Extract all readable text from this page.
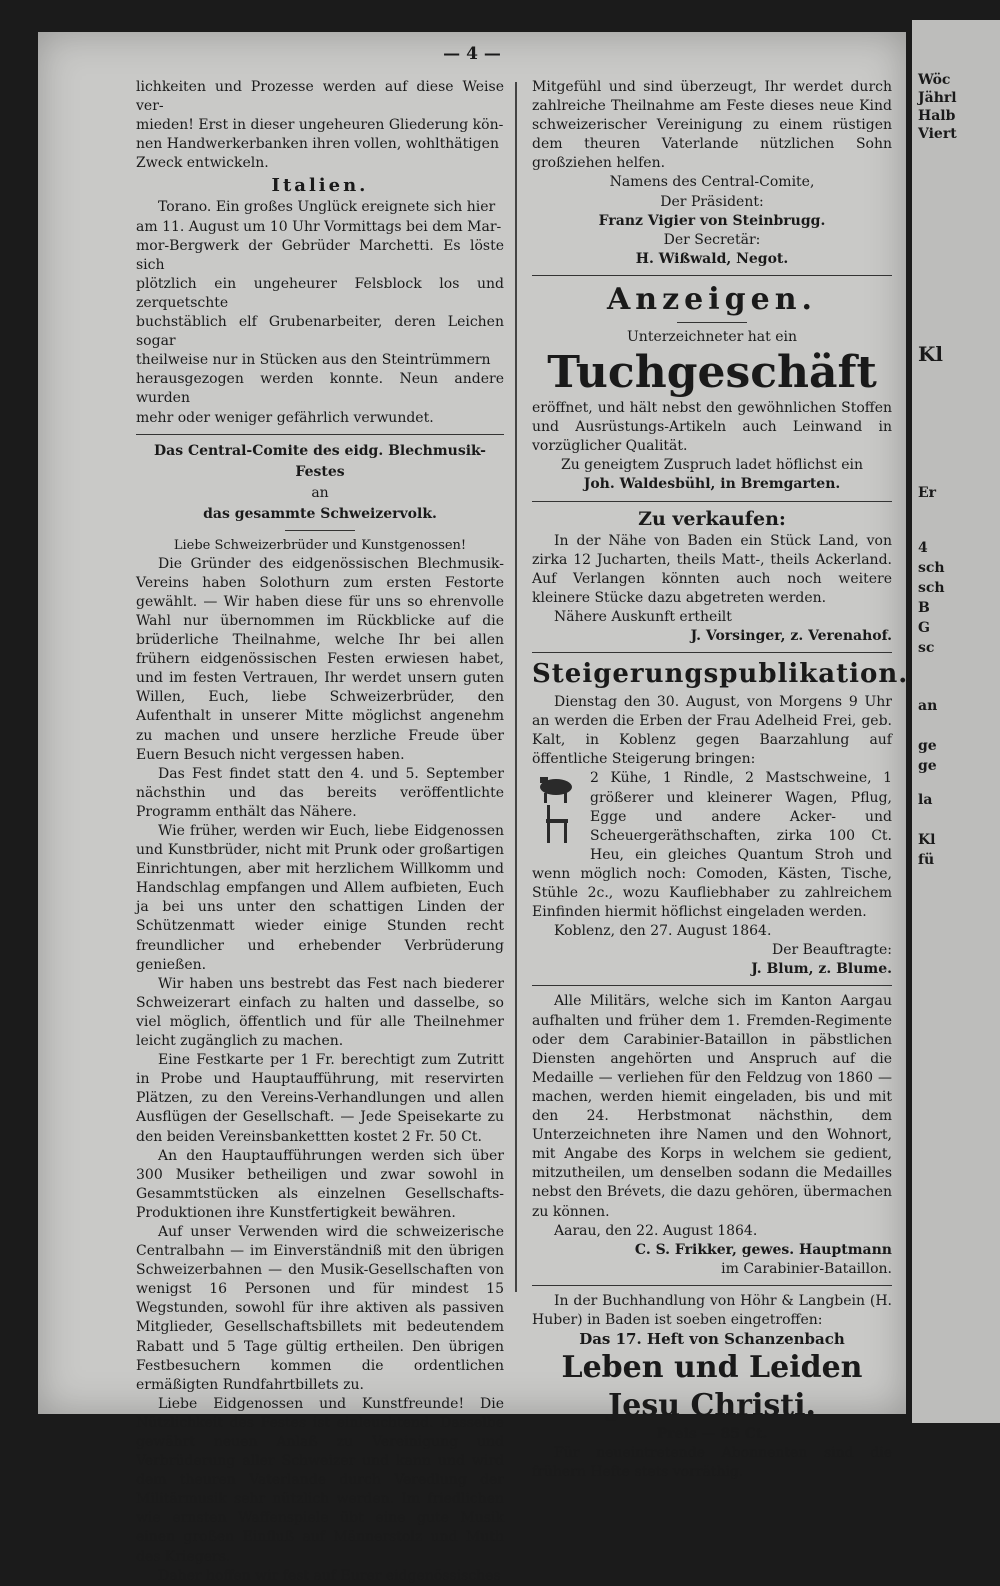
— 4 —

lichkeiten und Prozesse werden auf diese Weise ver-

mieden! Erst in dieser ungeheuren Gliederung kön-

nen Handwerkerbanken ihren vollen, wohlthätigen

Zweck entwickeln.

Italien.

Torano. Ein großes Unglück ereignete sich hier

am 11. August um 10 Uhr Vormittags bei dem Mar-

mor-Bergwerk der Gebrüder Marchetti. Es löste sich

plötzlich ein ungeheurer Felsblock los und zerquetschte

buchstäblich elf Grubenarbeiter, deren Leichen sogar

theilweise nur in Stücken aus den Steintrümmern

herausgezogen werden konnte. Neun andere wurden

mehr oder weniger gefährlich verwundet.

Das Central-Comite des eidg. Blechmusik-Festes
an
das gesammte Schweizervolk.

Liebe Schweizerbrüder und Kunstgenossen!

Die Gründer des eidgenössischen Blechmusik-Vereins haben Solothurn zum ersten Festorte gewählt. — Wir haben diese für uns so ehrenvolle Wahl nur übernommen im Rückblicke auf die brüderliche Theilnahme, welche Ihr bei allen frühern eidgenössischen Festen erwiesen habet, und im festen Vertrauen, Ihr werdet unsern guten Willen, Euch, liebe Schweizerbrüder, den Aufenthalt in unserer Mitte möglichst angenehm zu machen und unsere herzliche Freude über Euern Besuch nicht vergessen haben.

Das Fest findet statt den 4. und 5. September nächsthin und das bereits veröffentlichte Programm enthält das Nähere.

Wie früher, werden wir Euch, liebe Eidgenossen und Kunstbrüder, nicht mit Prunk oder großartigen Einrichtungen, aber mit herzlichem Willkomm und Handschlag empfangen und Allem aufbieten, Euch ja bei uns unter den schattigen Linden der Schützenmatt wieder einige Stunden recht freundlicher und erhebender Verbrüderung genießen.

Wir haben uns bestrebt das Fest nach biederer Schweizerart einfach zu halten und dasselbe, so viel möglich, öffentlich und für alle Theilnehmer leicht zugänglich zu machen.

Eine Festkarte per 1 Fr. berechtigt zum Zutritt in Probe und Hauptaufführung, mit reservirten Plätzen, zu den Vereins-Verhandlungen und allen Ausflügen der Gesellschaft. — Jede Speisekarte zu den beiden Vereinsbankettten kostet 2 Fr. 50 Ct.

An den Hauptaufführungen werden sich über 300 Musiker betheiligen und zwar sowohl in Gesammtstücken als einzelnen Gesellschafts-Produktionen ihre Kunstfertigkeit bewähren.

Auf unser Verwenden wird die schweizerische Centralbahn — im Einverständniß mit den übrigen Schweizerbahnen — den Musik-Gesellschaften von wenigst 16 Personen und für mindest 15 Wegstunden, sowohl für ihre aktiven als passiven Mitglieder, Gesellschaftsbillets mit bedeutendem Rabatt und 5 Tage gültig ertheilen. Den übrigen Festbesuchern kommen die ordentlichen ermäßigten Rundfahrtbillets zu.

Liebe Eidgenossen und Kunstfreunde! Die Nützlichkeit des Festes ist einleuchtend. Dasselbe gewährt neuen Anlaß zu Vereinigung und Verbrüderung aller Schweizer und kann und wird dem theuren Vaterlande durch Veredlung der Militärmusik sehr nützlich werden. Im friedlichen wie ernsten Waffenspiele übt eine gute Musik einen großen Einfluß auf Männerstolz und Muth des Kriegers.

Daher hoffen wir fest auf Eurer eidgenössisches

Mitgefühl und sind überzeugt, Ihr werdet durch zahlreiche Theilnahme am Feste dieses neue Kind schweizerischer Vereinigung zu einem rüstigen dem theuren Vaterlande nützlichen Sohn großziehen helfen.

Namens des Central-Comite,

Der Präsident:

Franz Vigier von Steinbrugg.

Der Secretär:

H. Wißwald, Negot.

Anzeigen.

Unterzeichneter hat ein

Tuchgeschäft

eröffnet, und hält nebst den gewöhnlichen Stoffen und Ausrüstungs-Artikeln auch Leinwand in vorzüglicher Qualität.

Zu geneigtem Zuspruch ladet höflichst ein

Joh. Waldesbühl, in Bremgarten.

Zu verkaufen:

In der Nähe von Baden ein Stück Land, von zirka 12 Jucharten, theils Matt-, theils Ackerland. Auf Verlangen könnten auch noch weitere kleinere Stücke dazu abgetreten werden.

Nähere Auskunft ertheilt

J. Vorsinger, z. Verenahof.

Steigerungspublikation.

Dienstag den 30. August, von Morgens 9 Uhr an werden die Erben der Frau Adelheid Frei, geb. Kalt, in Koblenz gegen Baarzahlung auf öffentliche Steigerung bringen:

2 Kühe, 1 Rindle, 2 Mastschweine, 1 größerer und kleinerer Wagen, Pflug, Egge und andere Acker- und Scheuergeräthschaften, zirka 100 Ct. Heu, ein gleiches Quantum Stroh und wenn möglich noch: Comoden, Kästen, Tische, Stühle 2c., wozu Kaufliebhaber zu zahlreichem Einfinden hiermit höflichst eingeladen werden.

Koblenz, den 27. August 1864.

Der Beauftragte:

J. Blum, z. Blume.

Alle Militärs, welche sich im Kanton Aargau aufhalten und früher dem 1. Fremden-Regimente oder dem Carabinier-Bataillon in päbstlichen Diensten angehörten und Anspruch auf die Medaille — verliehen für den Feldzug von 1860 — machen, werden hiemit eingeladen, bis und mit den 24. Herbstmonat nächsthin, dem Unterzeichneten ihre Namen und den Wohnort, mit Angabe des Korps in welchem sie gedient, mitzutheilen, um denselben sodann die Medailles nebst den Brévets, die dazu gehören, übermachen zu können.

Aarau, den 22. August 1864.

C. S. Frikker, gewes. Hauptmann

im Carabinier-Bataillon.

In der Buchhandlung von Höhr & Langbein (H. Huber) in Baden ist soeben eingetroffen:

Das 17. Heft von Schanzenbach

Leben und Leiden Jesu Christi.

Preis — 85 Ct.

Für neueintretende Abonnenten sind die frühern Hefte stets vorräthig.

Wöc
Jährl
Halb
Viert
Kl
Er
4
sch
sch
B
G
sc
an
ge
ge
la
Kl
fü
